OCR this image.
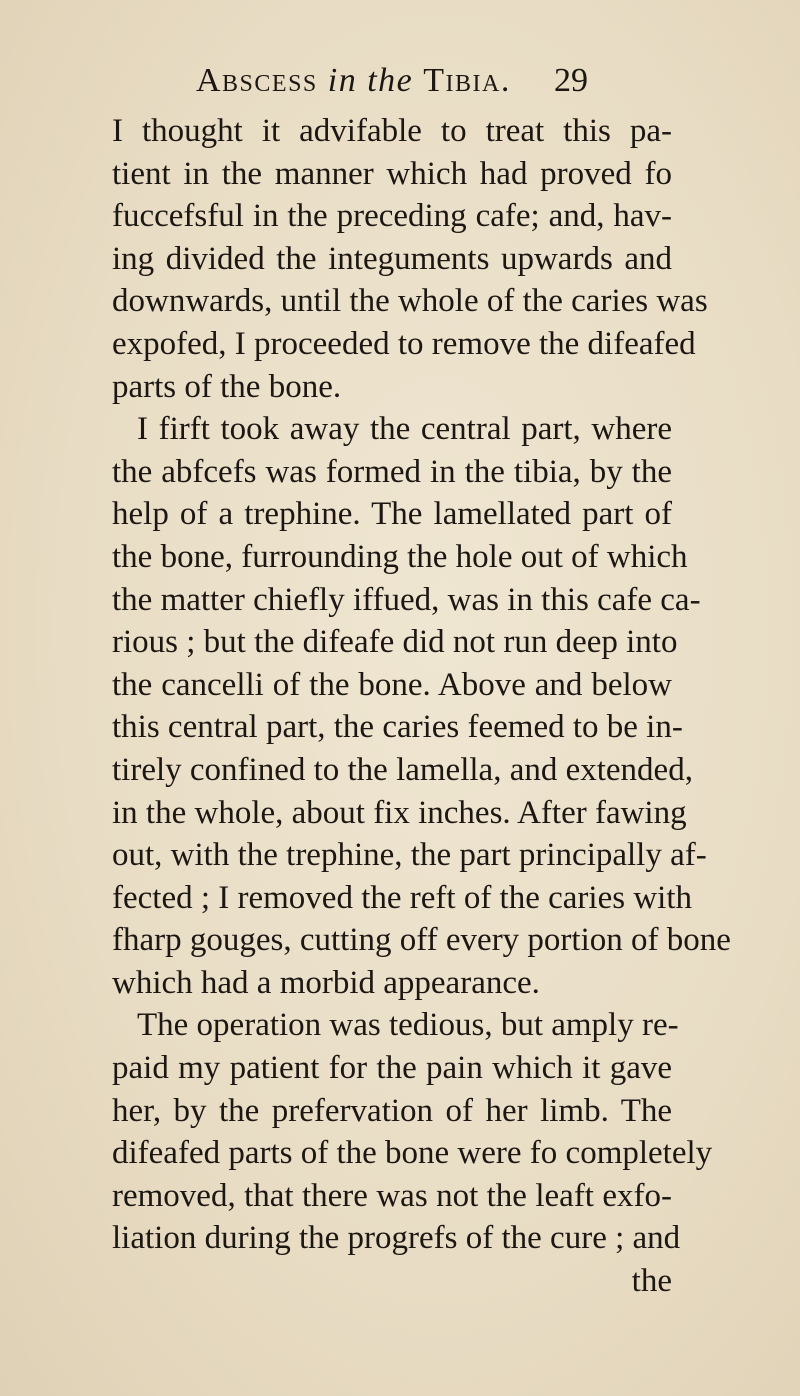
Abscess in the Tibia. 29
I thought it advifable to treat this pa-
tient in the manner which had proved fo
fuccefsful in the preceding cafe; and, hav-
ing divided the integuments upwards and
downwards, until the whole of the caries was
expofed, I proceeded to remove the difeafed
parts of the bone.
I firft took away the central part, where
the abfcefs was formed in the tibia, by the
help of a trephine. The lamellated part of
the bone, furrounding the hole out of which
the matter chiefly iffued, was in this cafe ca-
rious ; but the difeafe did not run deep into
the cancelli of the bone. Above and below
this central part, the caries feemed to be in-
tirely confined to the lamella, and extended,
in the whole, about fix inches. After fawing
out, with the trephine, the part principally af-
fected ; I removed the reft of the caries with
fharp gouges, cutting off every portion of bone
which had a morbid appearance.
The operation was tedious, but amply re-
paid my patient for the pain which it gave
her, by the prefervation of her limb. The
difeafed parts of the bone were fo completely
removed, that there was not the leaft exfo-
liation during the progrefs of the cure ; and
the
